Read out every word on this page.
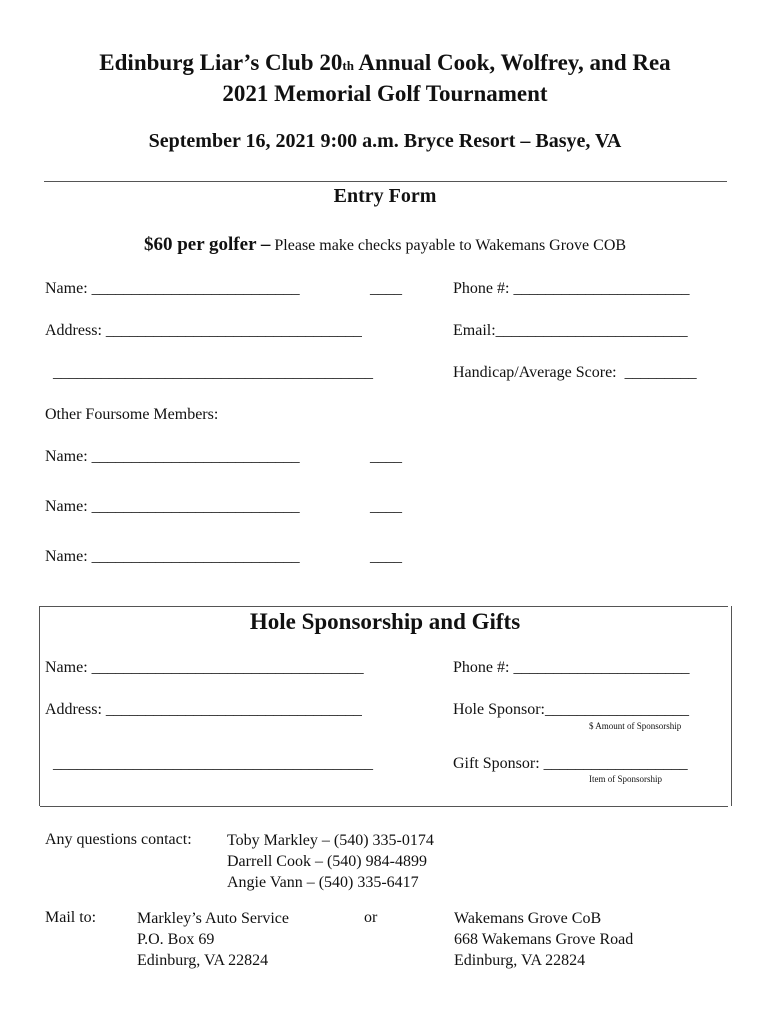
Edinburg Liar’s Club 20th Annual Cook, Wolfrey, and Rea
2021 Memorial Golf Tournament
September 16, 2021 9:00 a.m. Bryce Resort – Basye, VA
Entry Form
$60 per golfer – Please make checks payable to Wakemans Grove COB
Name: __________________________	____	Phone #: ______________________
Address: ________________________________	Email:________________________
________________________________________	Handicap/Average Score: _________
Other Foursome Members:
Name: __________________________	____
Name: __________________________	____
Name: __________________________	____
Hole Sponsorship and Gifts
Name: __________________________________	Phone #: ______________________
Address: ________________________________	Hole Sponsor:__________________
$ Amount of Sponsorship
________________________________________	Gift Sponsor: __________________
Item of Sponsorship
Any questions contact: Toby Markley – (540) 335-0174
Darrell Cook – (540) 984-4899
Angie Vann – (540) 335-6417
Mail to:	Markley’s Auto Service
P.O. Box 69
Edinburg, VA 22824
or	Wakemans Grove CoB
668 Wakemans Grove Road
Edinburg, VA 22824
